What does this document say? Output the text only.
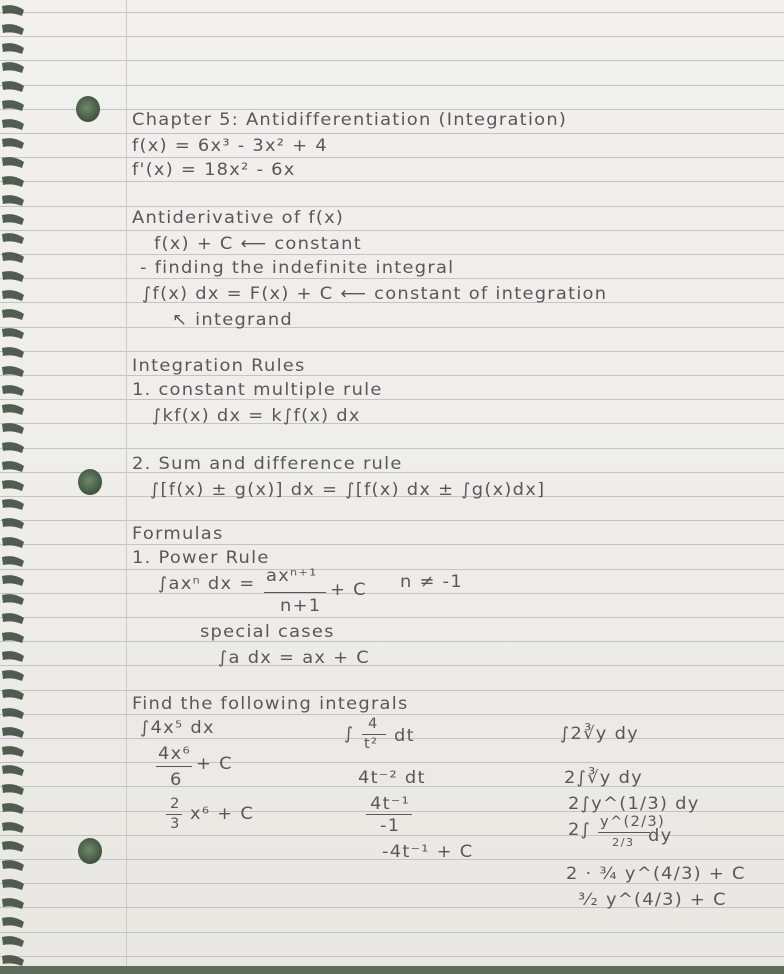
Chapter 5: Antidifferentiation (Integration)
f(x) = 6x³ - 3x² + 4
f'(x) = 18x² - 6x
Antiderivative of f(x)
f(x) + C ⟵ constant
- finding the indefinite integral
∫f(x) dx = F(x) + C ⟵ constant of integration
↖ integrand
Integration Rules
1. constant multiple rule
∫kf(x) dx = k∫f(x) dx
2. Sum and difference rule
∫[f(x) ± g(x)] dx = ∫[f(x) dx ± ∫g(x)dx]
Formulas
1. Power Rule
∫axⁿ dx = axⁿ⁺¹
n+1
+ C n ≠ -1
special cases
∫a dx = ax + C
Find the following integrals
∫4x⁵ dx
4x⁶
6
+ C
2
3 x⁶ + C
∫ 4
t² dt
4t⁻² dt
4t⁻¹
-1
-4t⁻¹ + C
∫2∛y dy
2∫∛y dy
2∫y^(1/3) dy
2∫ y^(2/3)
2/3 dy
2 · ¾ y^(4/3) + C
³⁄₂ y^(4/3) + C
